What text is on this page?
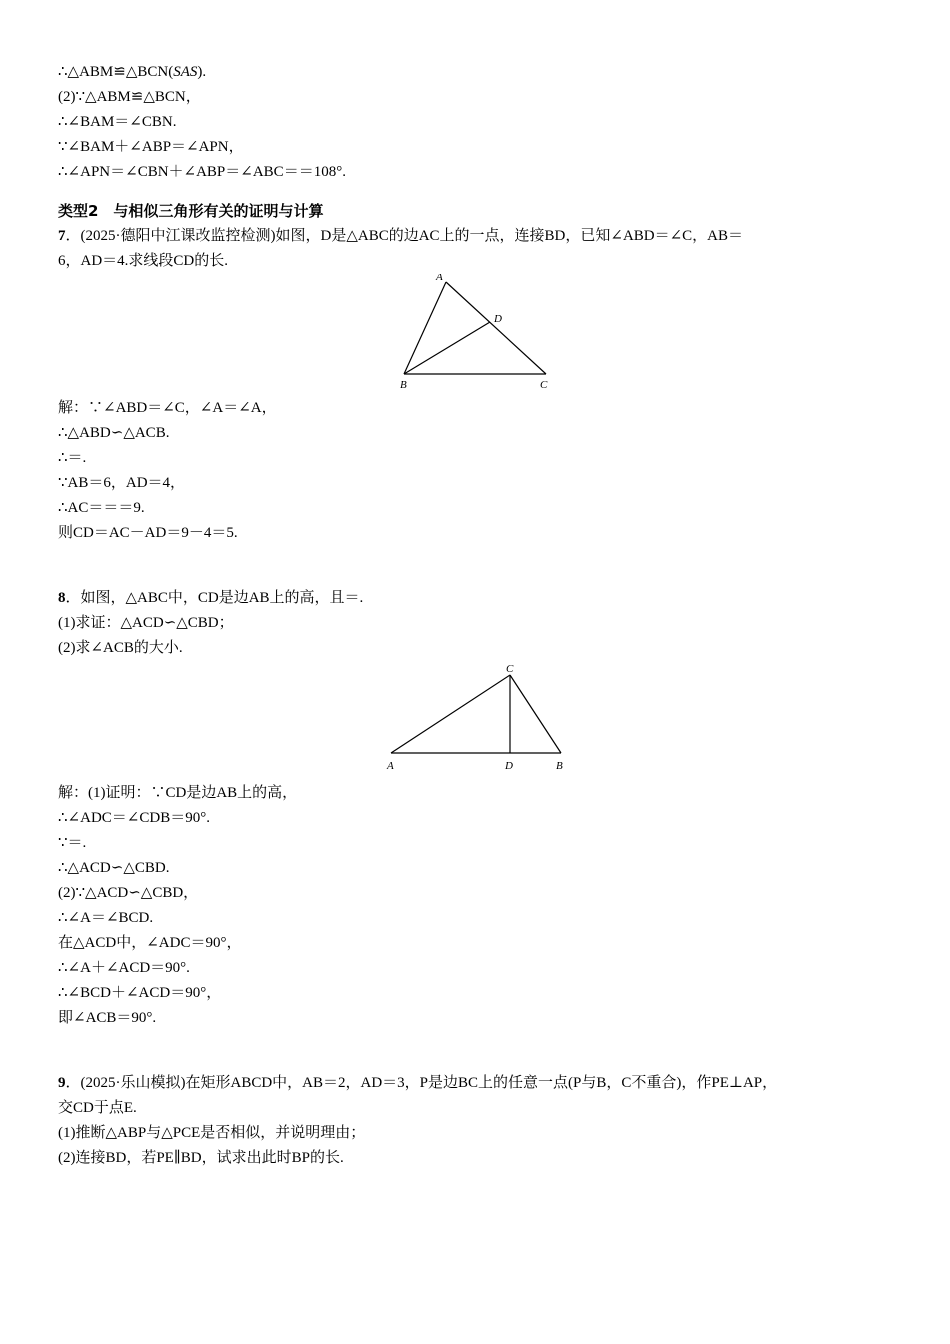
∴△ABM≌△BCN(SAS).
(2)∵△ABM≌△BCN，
∴∠BAM＝∠CBN.
∵∠BAM＋∠ABP＝∠APN，
∴∠APN＝∠CBN＋∠ABP＝∠ABC＝＝108°.
类型2　与相似三角形有关的证明与计算
7．(2025·德阳中江课改监控检测)如图，D是△ABC的边AC上的一点，连接BD，已知∠ABD＝∠C，AB＝
6，AD＝4.求线段CD的长.
A
B	C
D
解：∵∠ABD＝∠C，∠A＝∠A，
∴△ABD∽△ACB.
∴＝.
∵AB＝6，AD＝4，
∴AC＝＝＝9.
则CD＝AC－AD＝9－4＝5.
8．如图，△ABC中，CD是边AB上的高，且＝.
(1)求证：△ACD∽△CBD；
(2)求∠ACB的大小.
C
A	D	B
解：(1)证明：∵CD是边AB上的高，
∴∠ADC＝∠CDB＝90°.
∵＝.
∴△ACD∽△CBD.
(2)∵△ACD∽△CBD，
∴∠A＝∠BCD.
在△ACD中，∠ADC＝90°，
∴∠A＋∠ACD＝90°.
∴∠BCD＋∠ACD＝90°，
即∠ACB＝90°.
9．(2025·乐山模拟)在矩形ABCD中，AB＝2，AD＝3，P是边BC上的任意一点(P与B，C不重合)，作PE⊥AP，
交CD于点E.
(1)推断△ABP与△PCE是否相似，并说明理由；
(2)连接BD，若PE∥BD，试求出此时BP的长.
